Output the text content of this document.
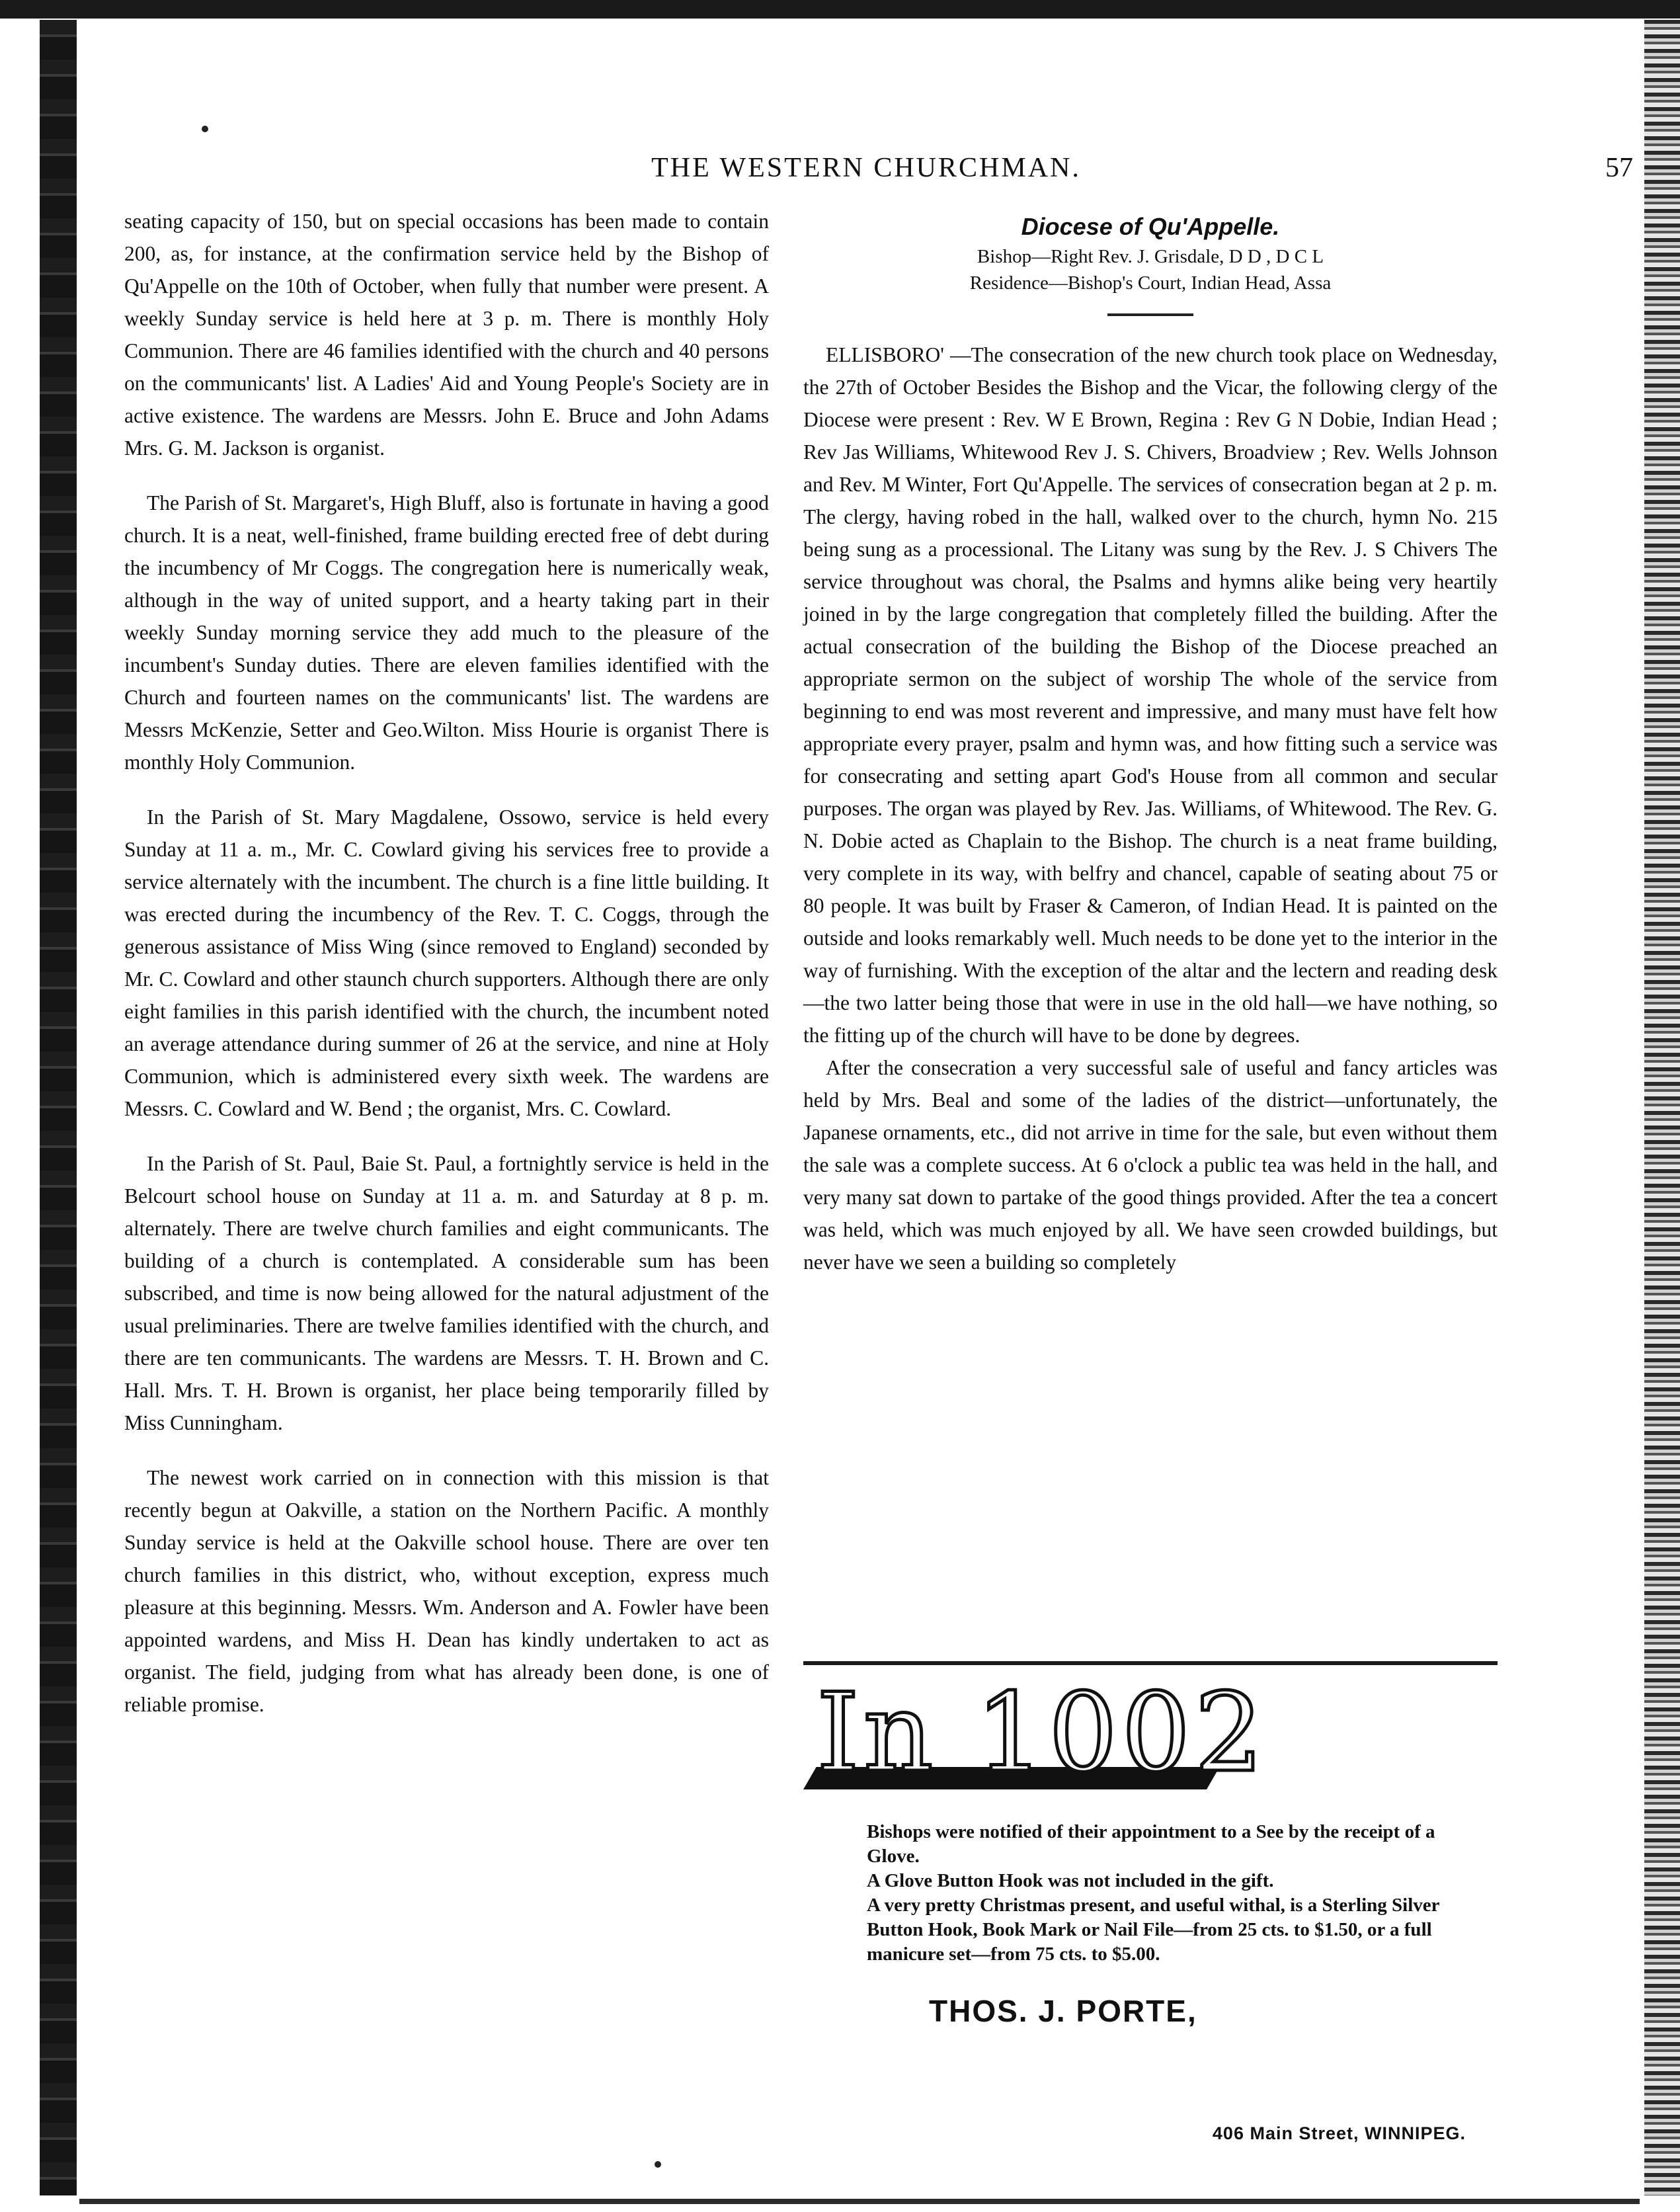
THE WESTERN CHURCHMAN.	57

seating capacity of 150, but on special occasions has been made to contain 200, as, for instance, at the confirmation service held by the Bishop of Qu'Appelle on the 10th of October, when fully that number were present. A weekly Sunday service is held here at 3 p. m. There is monthly Holy Communion. There are 46 families identified with the church and 40 persons on the communicants' list. A Ladies' Aid and Young People's Society are in active existence. The wardens are Messrs. John E. Bruce and John Adams Mrs. G. M. Jackson is organist.

The Parish of St. Margaret's, High Bluff, also is fortunate in having a good church. It is a neat, well-finished, frame building erected free of debt during the incumbency of Mr Coggs. The congregation here is numerically weak, although in the way of united support, and a hearty taking part in their weekly Sunday morning service they add much to the pleasure of the incumbent's Sunday duties. There are eleven families identified with the Church and fourteen names on the communicants' list. The wardens are Messrs McKenzie, Setter and Geo.Wilton. Miss Hourie is organist There is monthly Holy Communion.

In the Parish of St. Mary Magdalene, Ossowo, service is held every Sunday at 11 a. m., Mr. C. Cowlard giving his services free to provide a service alternately with the incumbent. The church is a fine little building. It was erected during the incumbency of the Rev. T. C. Coggs, through the generous assistance of Miss Wing (since removed to England) seconded by Mr. C. Cowlard and other staunch church supporters. Although there are only eight families in this parish identified with the church, the incumbent noted an average attendance during summer of 26 at the service, and nine at Holy Communion, which is administered every sixth week. The wardens are Messrs. C. Cowlard and W. Bend ; the organist, Mrs. C. Cowlard.

In the Parish of St. Paul, Baie St. Paul, a fortnightly service is held in the Belcourt school house on Sunday at 11 a. m. and Saturday at 8 p. m. alternately. There are twelve church families and eight communicants. The building of a church is contemplated. A considerable sum has been subscribed, and time is now being allowed for the natural adjustment of the usual preliminaries. There are twelve families identified with the church, and there are ten communicants. The wardens are Messrs. T. H. Brown and C. Hall. Mrs. T. H. Brown is organist, her place being temporarily filled by Miss Cunningham.

The newest work carried on in connection with this mission is that recently begun at Oakville, a station on the Northern Pacific. A monthly Sunday service is held at the Oakville school house. There are over ten church families in this district, who, without exception, express much pleasure at this beginning. Messrs. Wm. Anderson and A. Fowler have been appointed wardens, and Miss H. Dean has kindly undertaken to act as organist. The field, judging from what has already been done, is one of reliable promise.

Diocese of Qu'Appelle.
Bishop—Right Rev. J. Grisdale, D D , D C L
Residence—Bishop's Court, Indian Head, Assa

ELLISBORO' —The consecration of the new church took place on Wednesday, the 27th of October Besides the Bishop and the Vicar, the following clergy of the Diocese were present : Rev. W E Brown, Regina : Rev G N Dobie, Indian Head ; Rev Jas Williams, Whitewood Rev J. S. Chivers, Broadview ; Rev. Wells Johnson and Rev. M Winter, Fort Qu'Appelle. The services of consecration began at 2 p. m. The clergy, having robed in the hall, walked over to the church, hymn No. 215 being sung as a processional. The Litany was sung by the Rev. J. S Chivers The service throughout was choral, the Psalms and hymns alike being very heartily joined in by the large congregation that completely filled the building. After the actual consecration of the building the Bishop of the Diocese preached an appropriate sermon on the subject of worship The whole of the service from beginning to end was most reverent and impressive, and many must have felt how appropriate every prayer, psalm and hymn was, and how fitting such a service was for consecrating and setting apart God's House from all common and secular purposes. The organ was played by Rev. Jas. Williams, of Whitewood. The Rev. G. N. Dobie acted as Chaplain to the Bishop. The church is a neat frame building, very complete in its way, with belfry and chancel, capable of seating about 75 or 80 people. It was built by Fraser & Cameron, of Indian Head. It is painted on the outside and looks remarkably well. Much needs to be done yet to the interior in the way of furnishing. With the exception of the altar and the lectern and reading desk—the two latter being those that were in use in the old hall—we have nothing, so the fitting up of the church will have to be done by degrees.

After the consecration a very successful sale of useful and fancy articles was held by Mrs. Beal and some of the ladies of the district—unfortunately, the Japanese ornaments, etc., did not arrive in time for the sale, but even without them the sale was a complete success. At 6 o'clock a public tea was held in the hall, and very many sat down to partake of the good things provided. After the tea a concert was held, which was much enjoyed by all. We have seen crowded buildings, but never have we seen a building so completely

In 1002

Bishops were notified of their appointment to a See by the receipt of a Glove.

A Glove Button Hook was not included in the gift.

A very pretty Christmas present, and useful withal, is a Sterling Silver Button Hook, Book Mark or Nail File—from 25 cts. to $1.50, or a full manicure set—from 75 cts. to $5.00.

THOS. J. PORTE,
406 Main Street, WINNIPEG.
